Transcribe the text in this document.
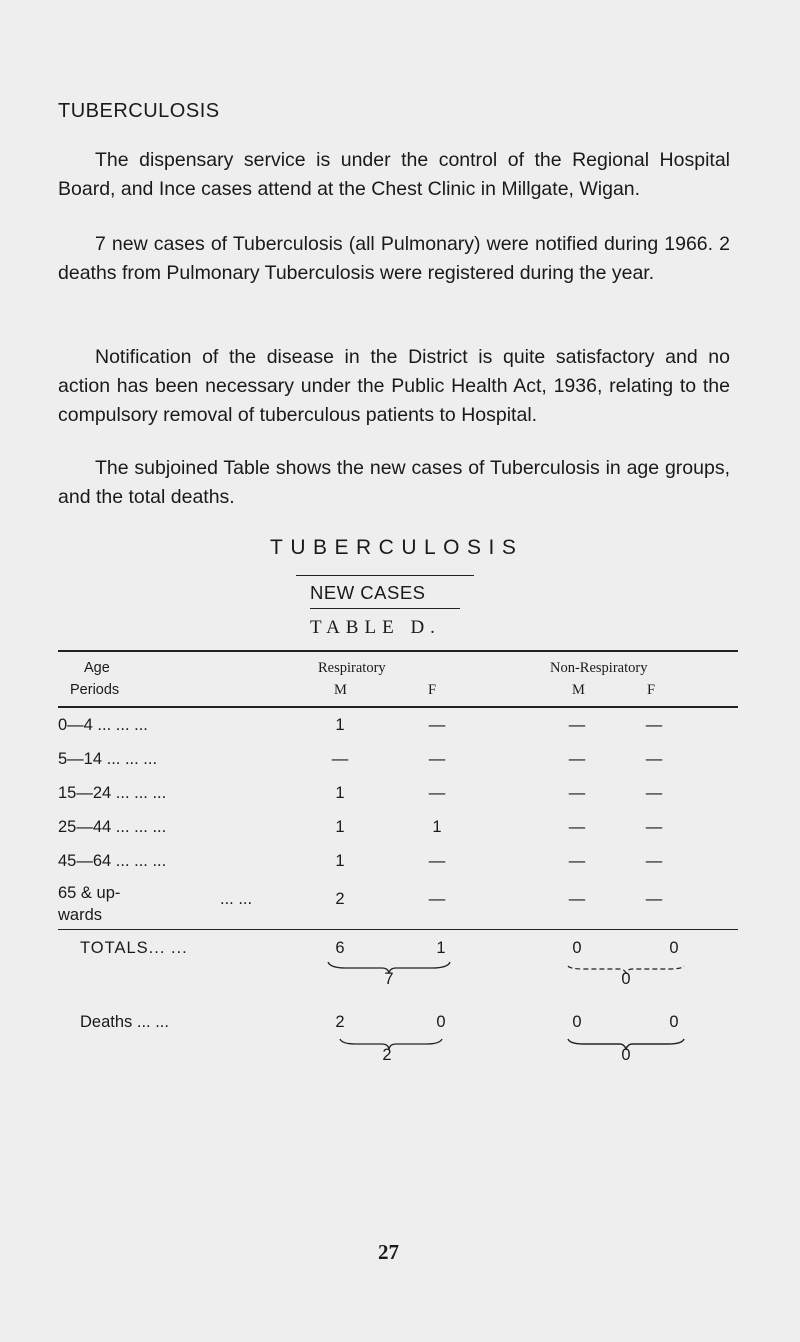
TUBERCULOSIS
The dispensary service is under the control of the Regional Hospital Board, and Ince cases attend at the Chest Clinic in Millgate, Wigan.
7 new cases of Tuberculosis (all Pulmonary) were notified during 1966. 2 deaths from Pulmonary Tuberculosis were registered during the year.
Notification of the disease in the District is quite satisfactory and no action has been necessary under the Public Health Act, 1936, relating to the compulsory removal of tuberculous patients to Hospital.
The subjoined Table shows the new cases of Tuberculosis in age groups, and the total deaths.
TUBERCULOSIS
NEW CASES
TABLE D.
Age
Periods
Respiratory
M	F
Non-Respiratory
M	F
0—4 ... ... ...	1	—	—	—
5—14 ... ... ...	—	—	—	—
15—24 ... ... ...	1	—	—	—
25—44 ... ... ...	1	1	—	—
45—64 ... ... ...	1	—	—	—
65 & up-
wards
... ...	2	—	—	—
TOTALS... ...	6	1	0	0
7	0
Deaths ... ...	2	0	0	0
2	0
27
